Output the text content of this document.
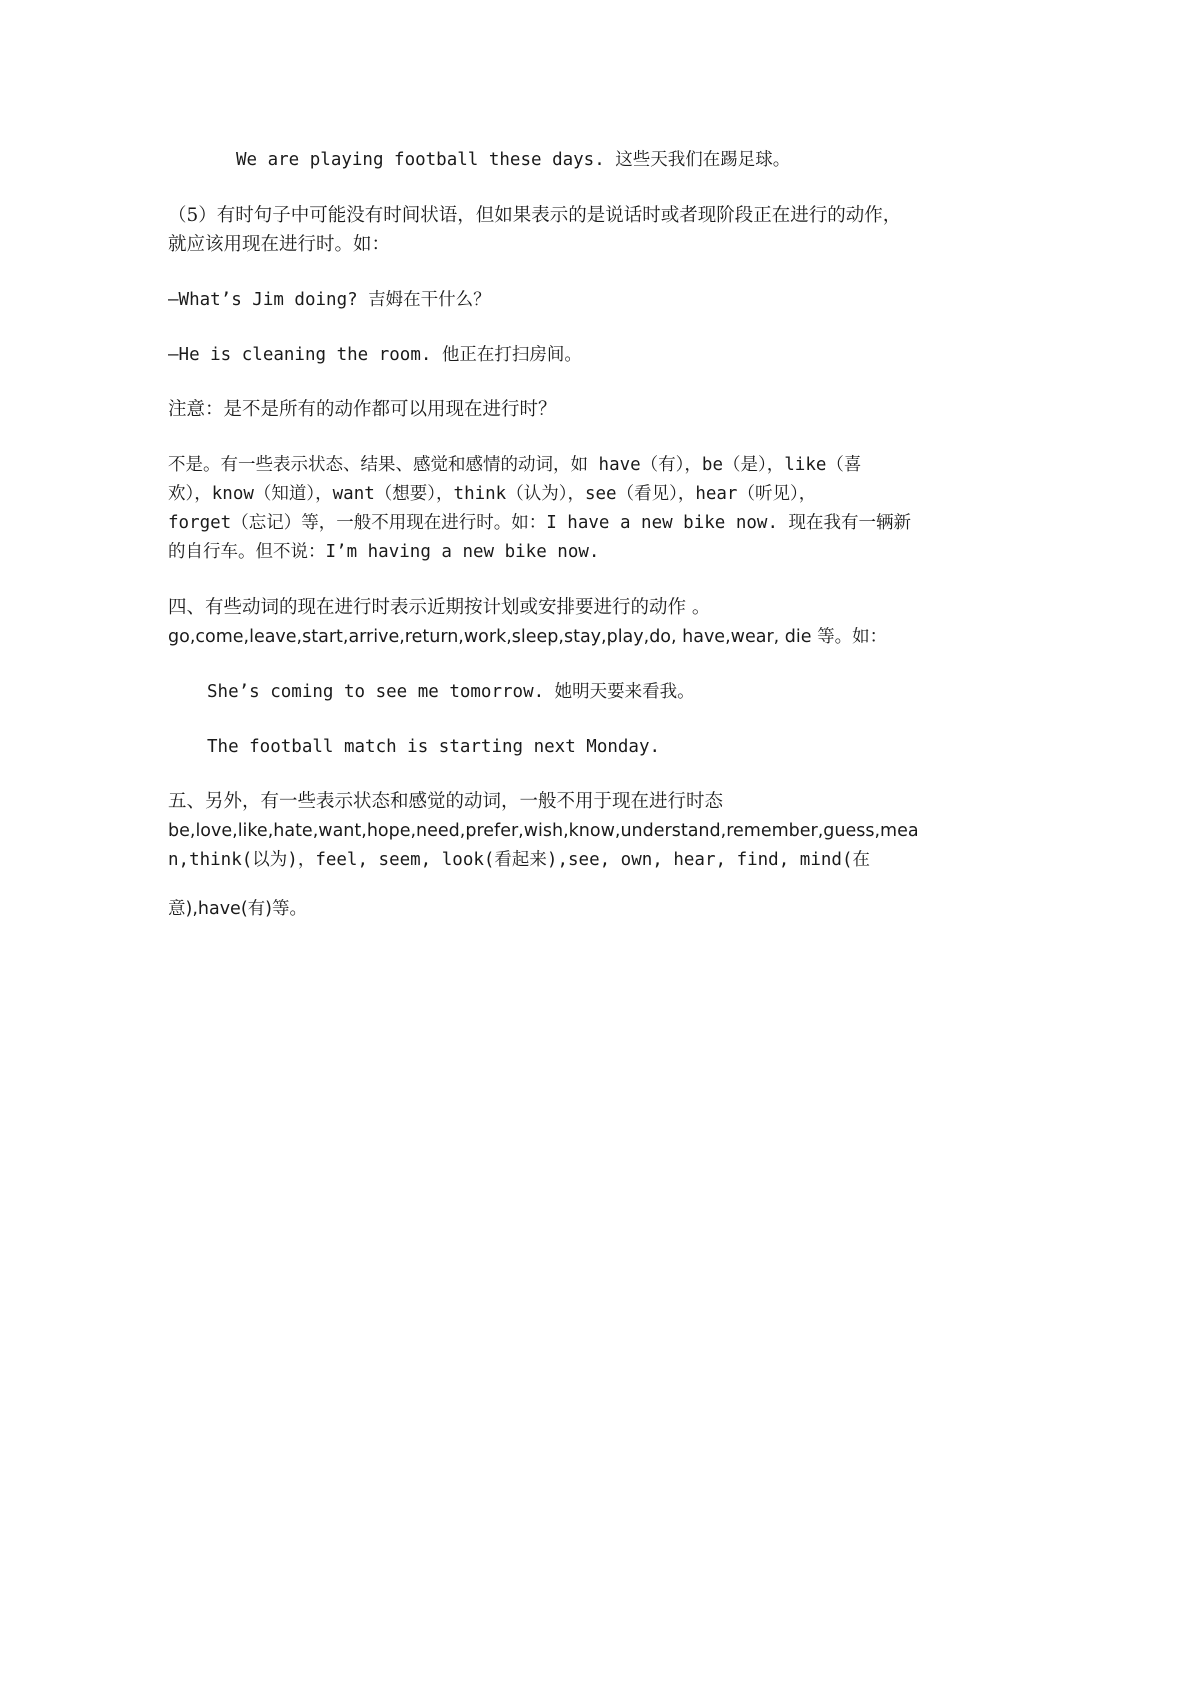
We are playing football these days. 这些天我们在踢足球。
（5）有时句子中可能没有时间状语，但如果表示的是说话时或者现阶段正在进行的动作，
就应该用现在进行时。如：
—What’s Jim doing? 吉姆在干什么？
—He is cleaning the room. 他正在打扫房间。
注意：是不是所有的动作都可以用现在进行时？
不是。有一些表示状态、结果、感觉和感情的动词，如 have（有），be（是），like（喜
欢），know（知道），want（想要），think（认为），see（看见），hear（听见），
forget（忘记）等，一般不用现在进行时。如：I have a new bike now. 现在我有一辆新
的自行车。但不说：I’m having a new bike now.
四、有些动词的现在进行时表示近期按计划或安排要进行的动作 。
go,come,leave,start,arrive,return,work,sleep,stay,play,do, have,wear, die 等。如：
She’s coming to see me tomorrow. 她明天要来看我。
The football match is starting next Monday.
五、另外，有一些表示状态和感觉的动词，一般不用于现在进行时态
be,love,like,hate,want,hope,need,prefer,wish,know,understand,remember,guess,mea
n,think(以为)，feel, seem, look(看起来),see, own, hear, find, mind(在
意),have(有)等。
